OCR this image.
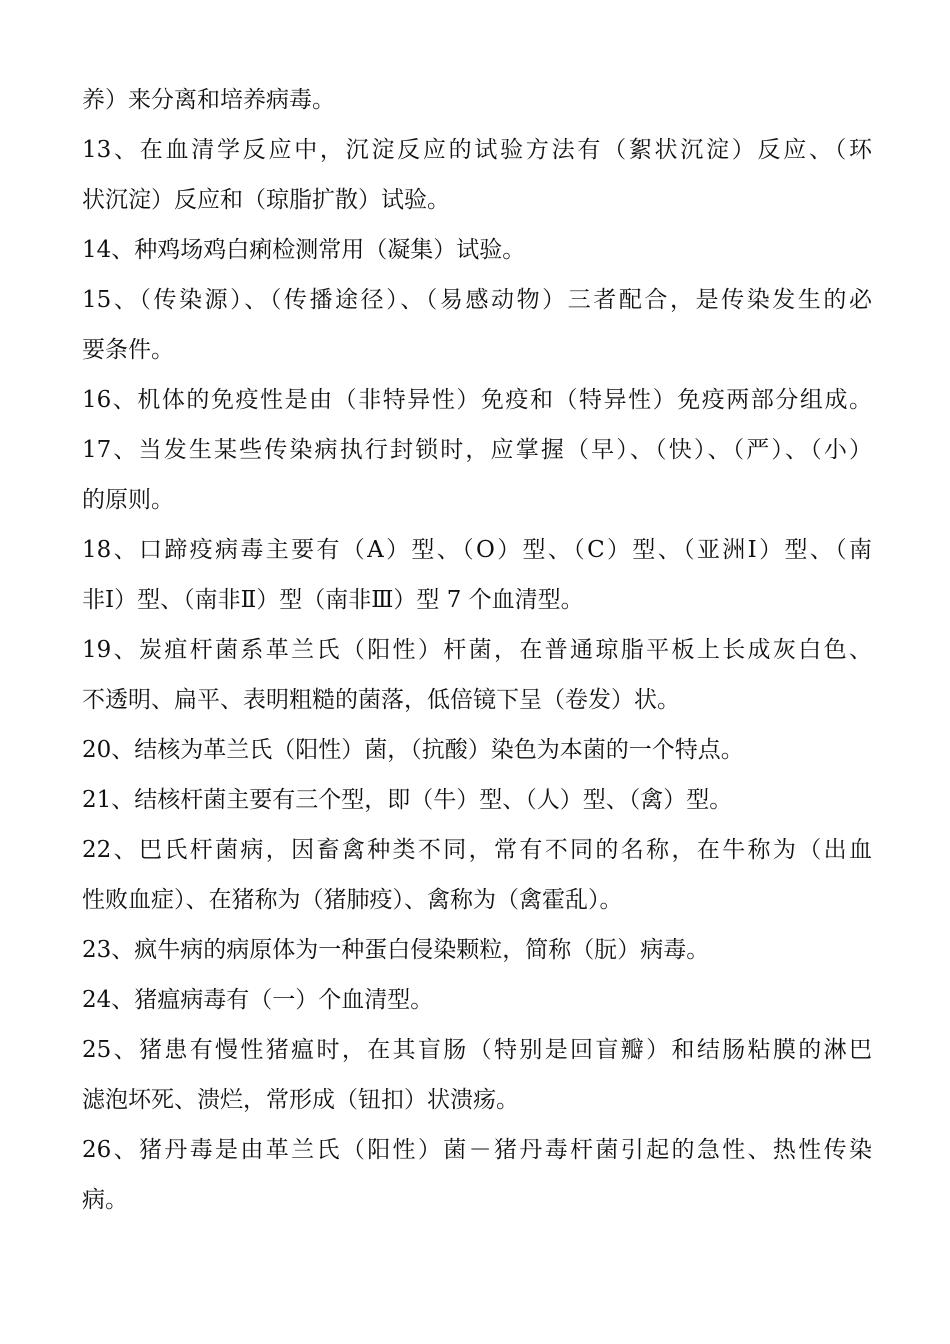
养）来分离和培养病毒。
13、在血清学反应中，沉淀反应的试验方法有（絮状沉淀）反应、（环
状沉淀）反应和（琼脂扩散）试验。
14、种鸡场鸡白痢检测常用（凝集）试验。
15、（传染源）、（传播途径）、（易感动物）三者配合，是传染发生的必
要条件。
16、机体的免疫性是由（非特异性）免疫和（特异性）免疫两部分组成。
17、当发生某些传染病执行封锁时，应掌握（早）、（快）、（严）、（小）
的原则。
18、口蹄疫病毒主要有（A）型、（O）型、（C）型、（亚洲Ⅰ）型、（南
非Ⅰ）型、（南非Ⅱ）型（南非Ⅲ）型 7 个血清型。
19、炭疽杆菌系革兰氏（阳性）杆菌，在普通琼脂平板上长成灰白色、
不透明、扁平、表明粗糙的菌落，低倍镜下呈（卷发）状。
20、结核为革兰氏（阳性）菌，（抗酸）染色为本菌的一个特点。
21、结核杆菌主要有三个型，即（牛）型、（人）型、（禽）型。
22、巴氏杆菌病，因畜禽种类不同，常有不同的名称，在牛称为（出血
性败血症）、在猪称为（猪肺疫）、禽称为（禽霍乱）。
23、疯牛病的病原体为一种蛋白侵染颗粒，简称（朊）病毒。
24、猪瘟病毒有（一）个血清型。
25、猪患有慢性猪瘟时，在其盲肠（特别是回盲瓣）和结肠粘膜的淋巴
滤泡坏死、溃烂，常形成（钮扣）状溃疡。
26、猪丹毒是由革兰氏（阳性）菌－猪丹毒杆菌引起的急性、热性传染
病。
